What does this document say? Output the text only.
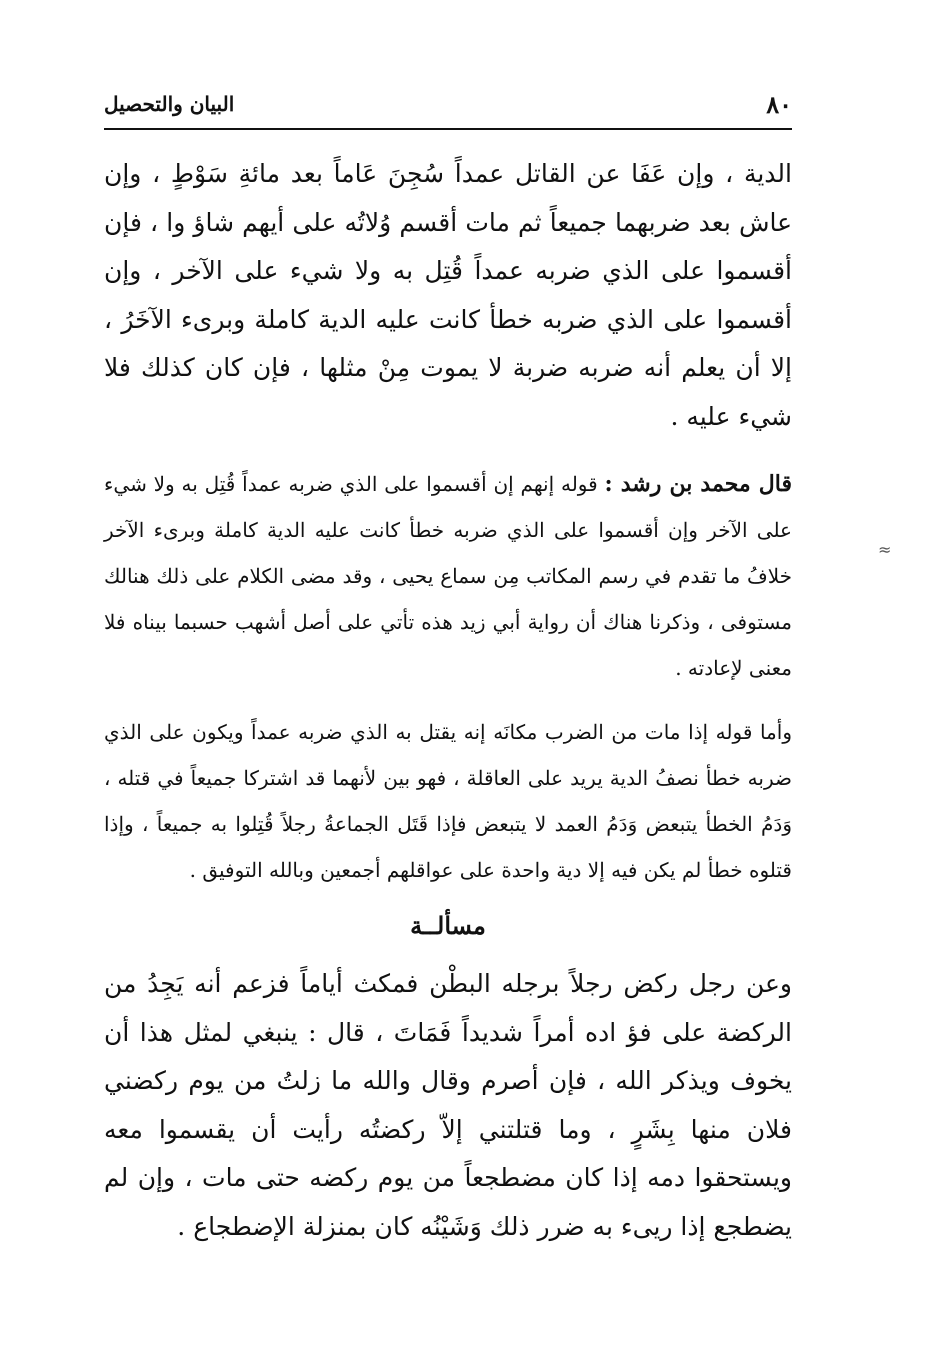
٨٠
البيان والتحصيل

الدية ، وإن عَفَا عن القاتل عمداً سُجِنَ عَاماً بعد مائةِ سَوْطٍ ، وإن عاش بعد ضربهما جميعاً ثم مات أقسم وُلاتُه على أيهم شاؤ وا ، فإن أقسموا على الذي ضربه عمداً قُتِل به ولا شيء على الآخر ، وإن أقسموا على الذي ضربه خطأ كانت عليه الدية كاملة وبرىء الآخَرُ ، إلا أن يعلم أنه ضربه ضربة لا يموت مِنْ مثلها ، فإن كان كذلك فلا شيء عليه .

قال محمد بن رشد : قوله إنهم إن أقسموا على الذي ضربه عمداً قُتِل به ولا شيء على الآخر وإن أقسموا على الذي ضربه خطأ كانت عليه الدية كاملة وبرىء الآخر خلافُ ما تقدم في رسم المكاتب مِن سماع يحيى ، وقد مضى الكلام على ذلك هنالك مستوفى ، وذكرنا هناك أن رواية أبي زيد هذه تأتي على أصل أشهب حسبما بيناه فلا معنى لإعادته .

وأما قوله إذا مات من الضرب مكانَه إنه يقتل به الذي ضربه عمداً ويكون على الذي ضربه خطأ نصفُ الدية يريد على العاقلة ، فهو بين لأنهما قد اشتركا جميعاً في قتله ، وَدَمُ الخطأ يتبعض وَدَمُ العمد لا يتبعض فإذا قَتَل الجماعةُ رجلاً قُتِلوا به جميعاً ، وإذا قتلوه خطأ لم يكن فيه إلا دية واحدة على عواقلهم أجمعين وبالله التوفيق .

مسألــة

وعن رجل ركض رجلاً برجله البطْن فمكث أياماً فزعم أنه يَجِدُ من الركضة على فؤ اده أمراً شديداً فَمَاتَ ، قال : ينبغي لمثل هذا أن يخوف ويذكر الله ، فإن أصرم وقال والله ما زلتُ من يوم ركضني فلان منها بِشَرٍ ، وما قتلتني إلاّ ركضتُه رأيت أن يقسموا معه ويستحقوا دمه إذا كان مضطجعاً من يوم ركضه حتى مات ، وإن لم يضطجع إذا ريىء به ضرر ذلك وَشَيْنُه كان بمنزلة الإضطجاع .

≈
